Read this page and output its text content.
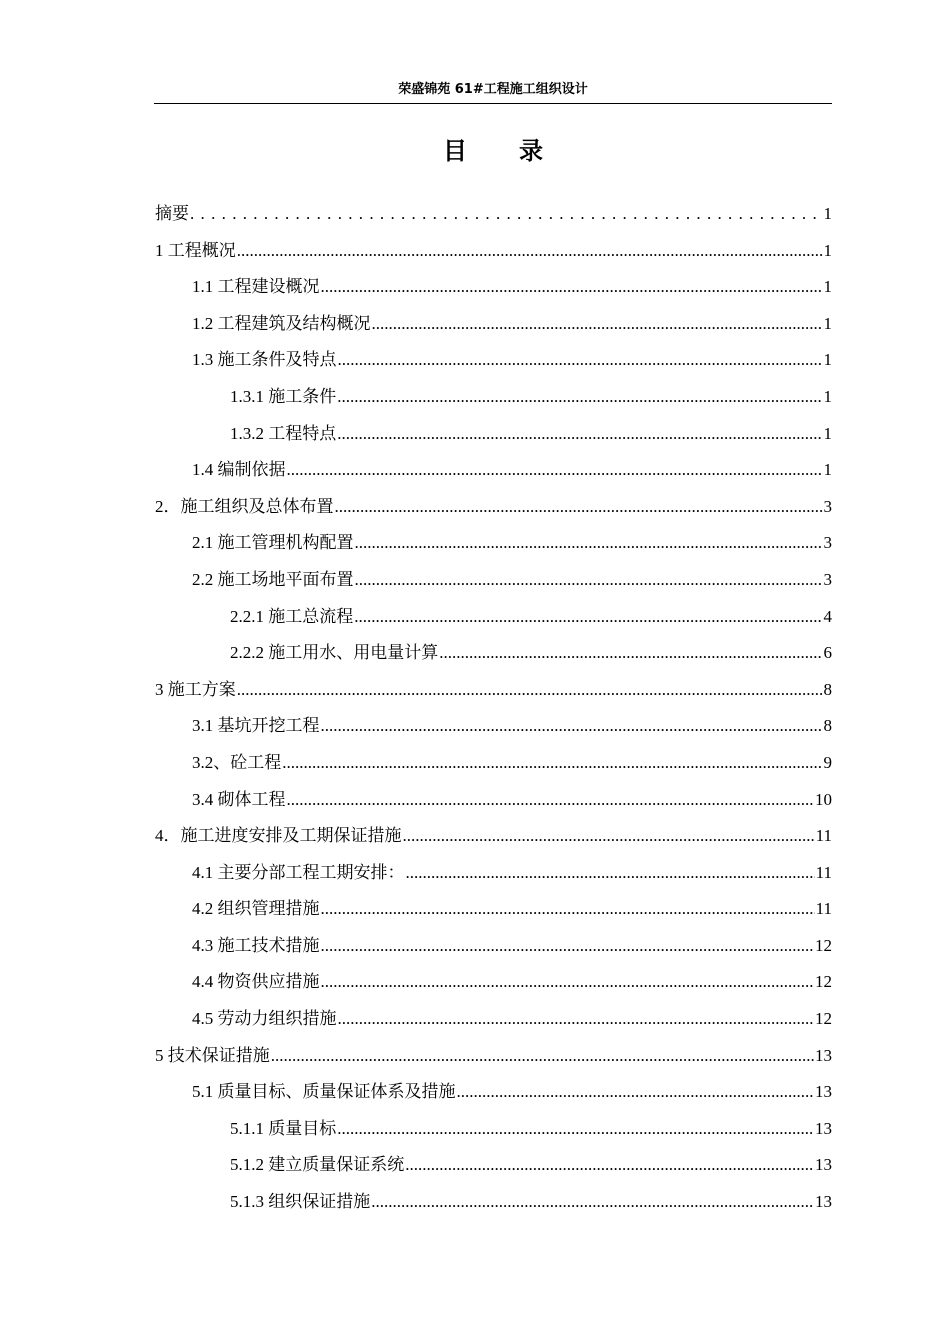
荣盛锦苑 61#工程施工组织设计
目录
摘要 .....	1
1 工程概况 .....	1
1.1 工程建设概况 .....	1
1.2 工程建筑及结构概况 .....	1
1.3 施工条件及特点 .....	1
1.3.1 施工条件 .....	1
1.3.2 工程特点 .....	1
1.4 编制依据 .....	1
2．施工组织及总体布置 .....	3
2.1 施工管理机构配置 .....	3
2.2 施工场地平面布置 .....	3
2.2.1 施工总流程 .....	4
2.2.2 施工用水、用电量计算 .....	6
3 施工方案 .....	8
3.1 基坑开挖工程 .....	8
3.2、砼工程 .....	9
3.4 砌体工程 .....	10
4．施工进度安排及工期保证措施 .....	11
4.1 主要分部工程工期安排： .....	11
4.2 组织管理措施 .....	11
4.3 施工技术措施 .....	12
4.4 物资供应措施 .....	12
4.5 劳动力组织措施 .....	12
5 技术保证措施 .....	13
5.1 质量目标、质量保证体系及措施 .....	13
5.1.1 质量目标 .....	13
5.1.2 建立质量保证系统 .....	13
5.1.3 组织保证措施 .....	13
